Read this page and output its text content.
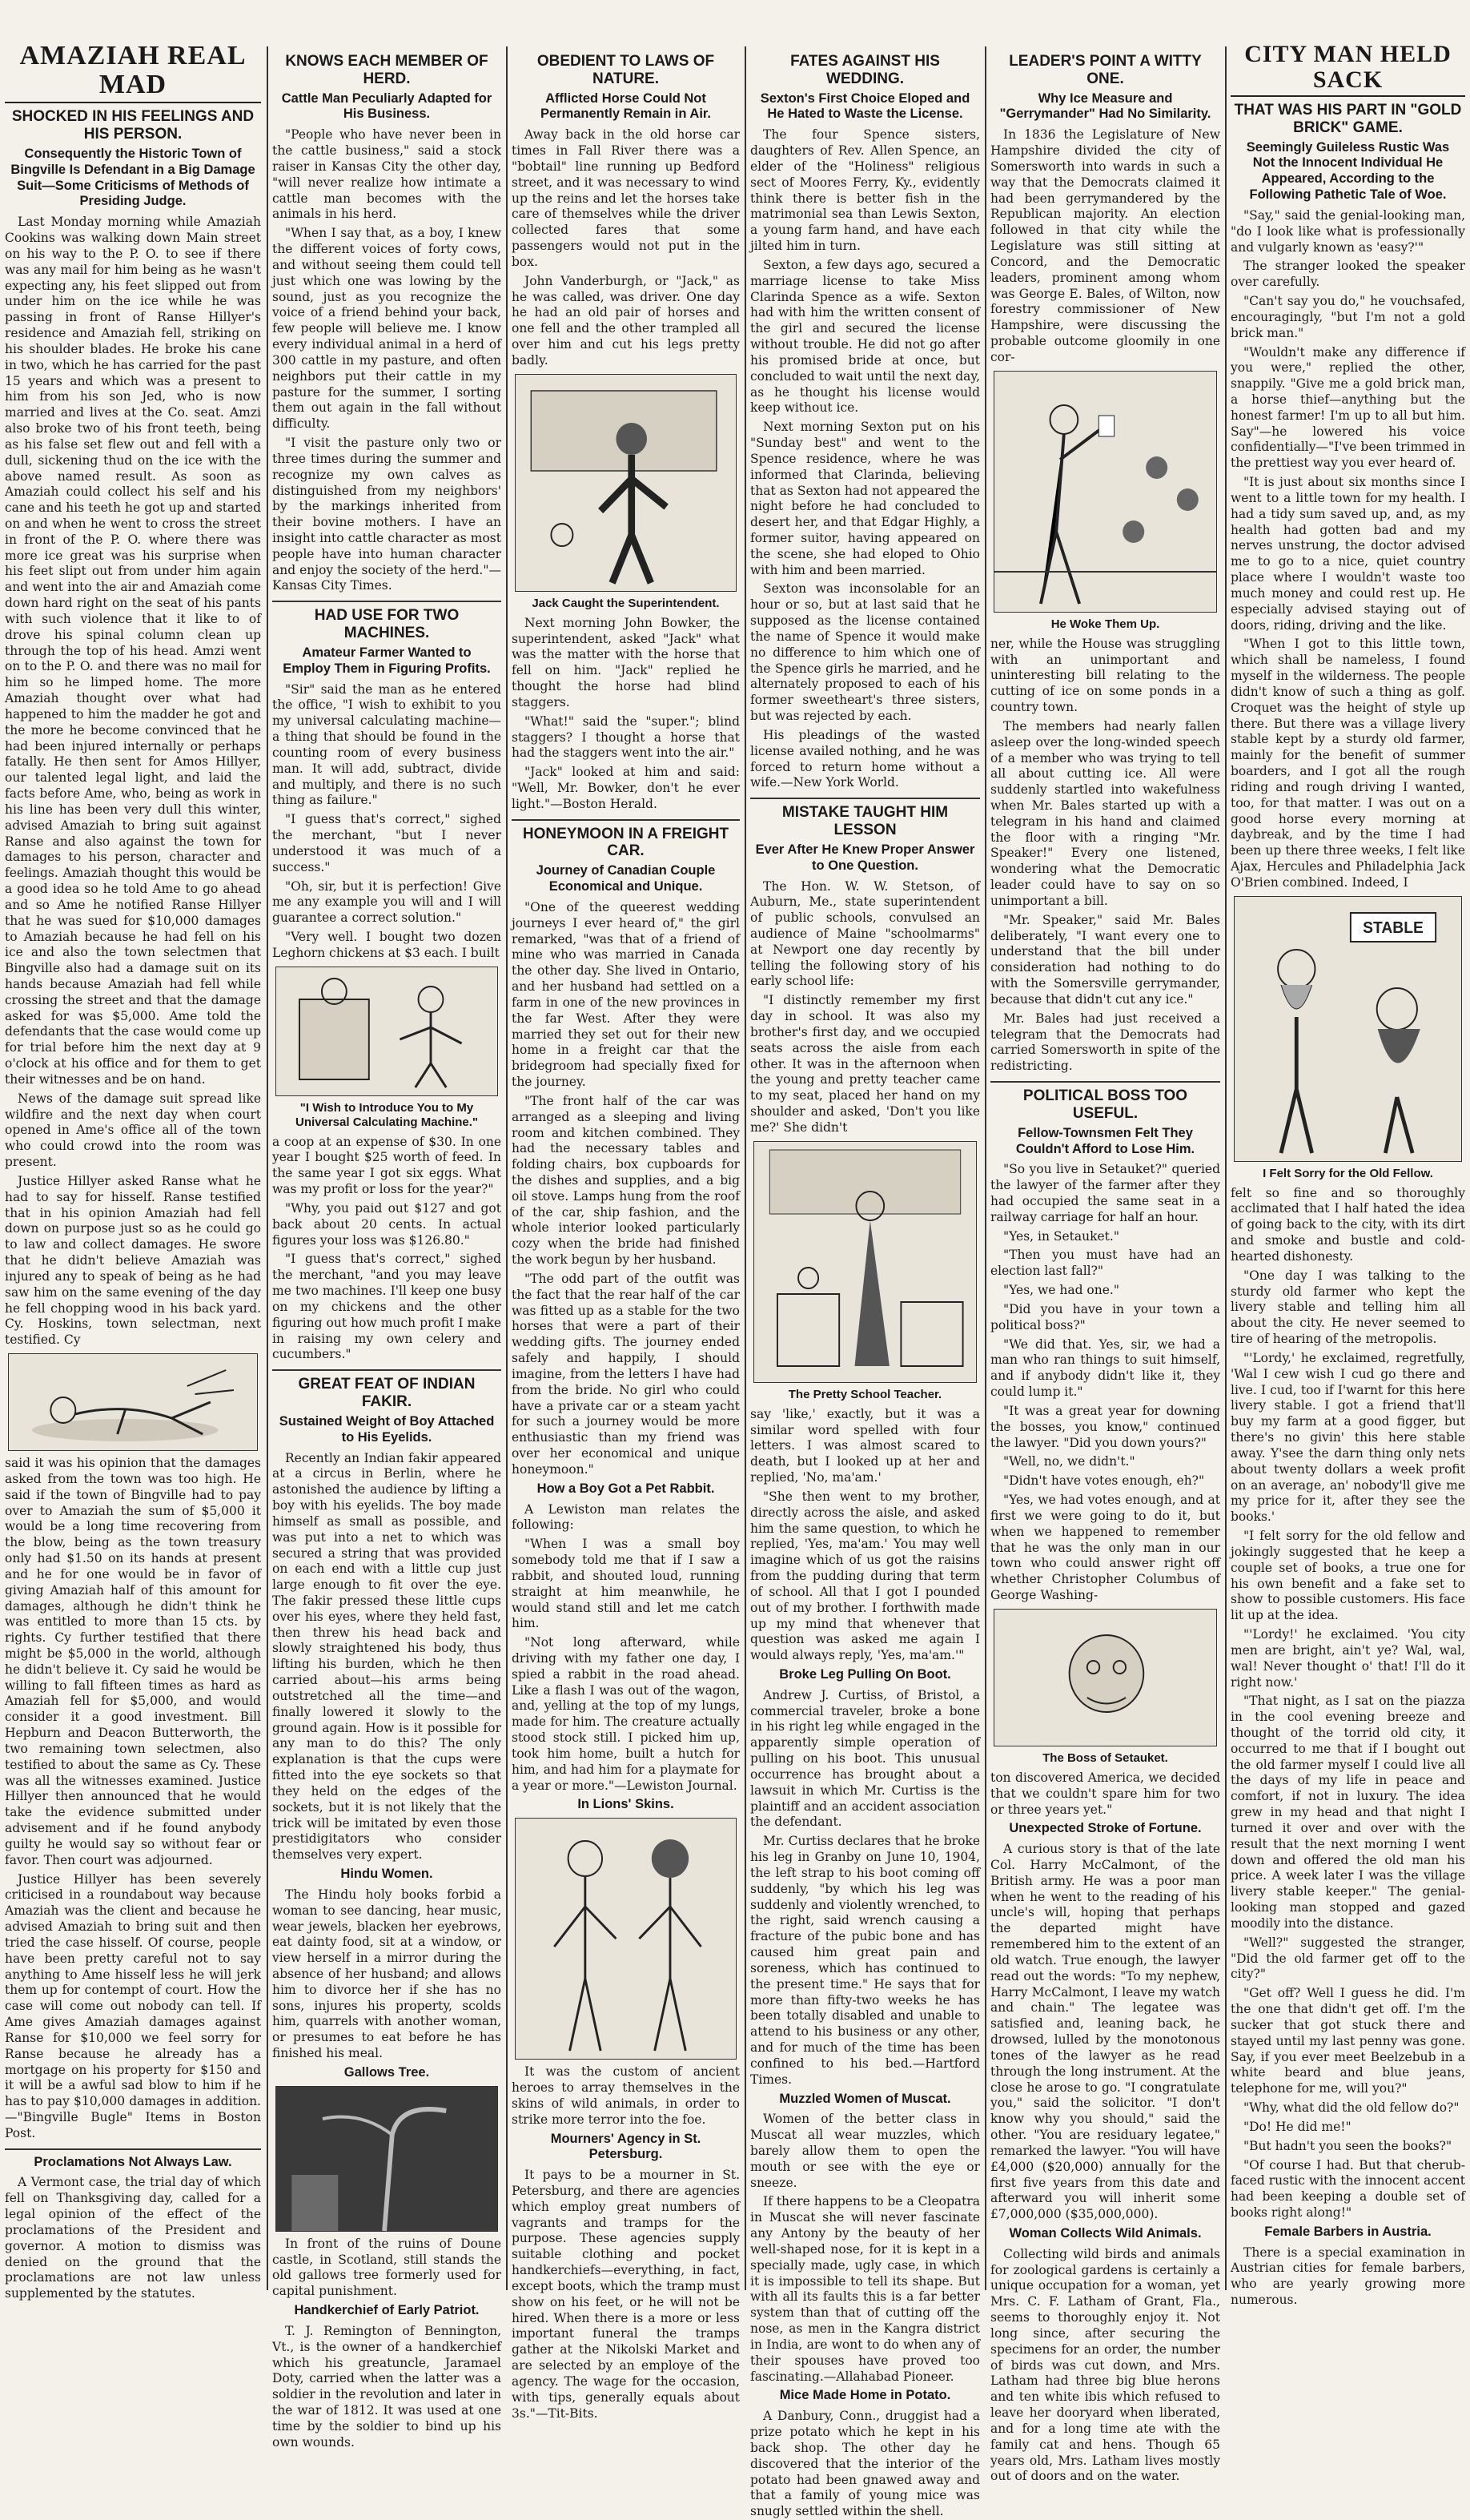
AMAZIAH REAL MAD
SHOCKED IN HIS FEELINGS AND HIS PERSON.
Consequently the Historic Town of Bingville Is Defendant in a Big Damage Suit—Some Criticisms of Methods of Presiding Judge.

Last Monday morning while Amaziah Cookins was walking down Main street on his way to the P. O. to see if there was any mail for him being as he wasn't expecting any, his feet slipped out from under him on the ice while he was passing in front of Ranse Hillyer's residence and Amaziah fell, striking on his shoulder blades. He broke his cane in two, which he has carried for the past 15 years and which was a present to him from his son Jed, who is now married and lives at the Co. seat. Amzi also broke two of his front teeth, being as his false set flew out and fell with a dull, sickening thud on the ice with the above named result. As soon as Amaziah could collect his self and his cane and his teeth he got up and started on and when he went to cross the street in front of the P. O. where there was more ice great was his surprise when his feet slipt out from under him again and went into the air and Amaziah come down hard right on the seat of his pants with such violence that it like to of drove his spinal column clean up through the top of his head. Amzi went on to the P. O. and there was no mail for him so he limped home. The more Amaziah thought over what had happened to him the madder he got and the more he become convinced that he had been injured internally or perhaps fatally. He then sent for Amos Hillyer, our talented legal light, and laid the facts before Ame, who, being as work in his line has been very dull this winter, advised Amaziah to bring suit against Ranse and also against the town for damages to his person, character and feelings. Amaziah thought this would be a good idea so he told Ame to go ahead and so Ame he notified Ranse Hillyer that he was sued for $10,000 damages to Amaziah because he had fell on his ice and also the town selectmen that Bingville also had a damage suit on its hands because Amaziah had fell while crossing the street and that the damage asked for was $5,000. Ame told the defendants that the case would come up for trial before him the next day at 9 o'clock at his office and for them to get their witnesses and be on hand.

News of the damage suit spread like wildfire and the next day when court opened in Ame's office all of the town who could crowd into the room was present.

Justice Hillyer asked Ranse what he had to say for hisself. Ranse testified that in his opinion Amaziah had fell down on purpose just so as he could go to law and collect damages. He swore that he didn't believe Amaziah was injured any to speak of being as he had saw him on the same evening of the day he fell chopping wood in his back yard. Cy. Hoskins, town selectman, next testified. Cy

said it was his opinion that the damages asked from the town was too high. He said if the town of Bingville had to pay over to Amaziah the sum of $5,000 it would be a long time recovering from the blow, being as the town treasury only had $1.50 on its hands at present and he for one would be in favor of giving Amaziah half of this amount for damages, although he didn't think he was entitled to more than 15 cts. by rights. Cy further testified that there might be $5,000 in the world, although he didn't believe it. Cy said he would be willing to fall fifteen times as hard as Amaziah fell for $5,000, and would consider it a good investment. Bill Hepburn and Deacon Butterworth, the two remaining town selectmen, also testified to about the same as Cy. These was all the witnesses examined. Justice Hillyer then announced that he would take the evidence submitted under advisement and if he found anybody guilty he would say so without fear or favor. Then court was adjourned.

Justice Hillyer has been severely criticised in a roundabout way because Amaziah was the client and because he advised Amaziah to bring suit and then tried the case hisself. Of course, people have been pretty careful not to say anything to Ame hisself less he will jerk them up for contempt of court. How the case will come out nobody can tell. If Ame gives Amaziah damages against Ranse for $10,000 we feel sorry for Ranse because he already has a mortgage on his property for $150 and it will be a awful sad blow to him if he has to pay $10,000 damages in addition.—"Bingville Bugle" Items in Boston Post.

Proclamations Not Always Law.

A Vermont case, the trial day of which fell on Thanksgiving day, called for a legal opinion of the effect of the proclamations of the President and governor. A motion to dismiss was denied on the ground that the proclamations are not law unless supplemented by the statutes.

KNOWS EACH MEMBER OF HERD.
Cattle Man Peculiarly Adapted for His Business.

"People who have never been in the cattle business," said a stock raiser in Kansas City the other day, "will never realize how intimate a cattle man becomes with the animals in his herd.

"When I say that, as a boy, I knew the different voices of forty cows, and without seeing them could tell just which one was lowing by the sound, just as you recognize the voice of a friend behind your back, few people will believe me. I know every individual animal in a herd of 300 cattle in my pasture, and often neighbors put their cattle in my pasture for the summer, I sorting them out again in the fall without difficulty.

"I visit the pasture only two or three times during the summer and recognize my own calves as distinguished from my neighbors' by the markings inherited from their bovine mothers. I have an insight into cattle character as most people have into human character and enjoy the society of the herd."—Kansas City Times.

HAD USE FOR TWO MACHINES.
Amateur Farmer Wanted to Employ Them in Figuring Profits.

"Sir" said the man as he entered the office, "I wish to exhibit to you my universal calculating machine—a thing that should be found in the counting room of every business man. It will add, subtract, divide and multiply, and there is no such thing as failure."

"I guess that's correct," sighed the merchant, "but I never understood it was much of a success."

"Oh, sir, but it is perfection! Give me any example you will and I will guarantee a correct solution."

"Very well. I bought two dozen Leghorn chickens at $3 each. I built

"I Wish to Introduce You to My Universal Calculating Machine."

a coop at an expense of $30. In one year I bought $25 worth of feed. In the same year I got six eggs. What was my profit or loss for the year?"

"Why, you paid out $127 and got back about 20 cents. In actual figures your loss was $126.80."

"I guess that's correct," sighed the merchant, "and you may leave me two machines. I'll keep one busy on my chickens and the other figuring out how much profit I make in raising my own celery and cucumbers."

GREAT FEAT OF INDIAN FAKIR.
Sustained Weight of Boy Attached to His Eyelids.

Recently an Indian fakir appeared at a circus in Berlin, where he astonished the audience by lifting a boy with his eyelids. The boy made himself as small as possible, and was put into a net to which was secured a string that was provided on each end with a little cup just large enough to fit over the eye. The fakir pressed these little cups over his eyes, where they held fast, then threw his head back and slowly straightened his body, thus lifting his burden, which he then carried about—his arms being outstretched all the time—and finally lowered it slowly to the ground again. How is it possible for any man to do this? The only explanation is that the cups were fitted into the eye sockets so that they held on the edges of the sockets, but it is not likely that the trick will be imitated by even those prestidigitators who consider themselves very expert.

Hindu Women.

The Hindu holy books forbid a woman to see dancing, hear music, wear jewels, blacken her eyebrows, eat dainty food, sit at a window, or view herself in a mirror during the absence of her husband; and allows him to divorce her if she has no sons, injures his property, scolds him, quarrels with another woman, or presumes to eat before he has finished his meal.

Gallows Tree.

In front of the ruins of Doune castle, in Scotland, still stands the old gallows tree formerly used for capital punishment.

Handkerchief of Early Patriot.

T. J. Remington of Bennington, Vt., is the owner of a handkerchief which his greatuncle, Jaramael Doty, carried when the latter was a soldier in the revolution and later in the war of 1812. It was used at one time by the soldier to bind up his own wounds.

OBEDIENT TO LAWS OF NATURE.
Afflicted Horse Could Not Permanently Remain in Air.

Away back in the old horse car times in Fall River there was a "bobtail" line running up Bedford street, and it was necessary to wind up the reins and let the horses take care of themselves while the driver collected fares that some passengers would not put in the box.

John Vanderburgh, or "Jack," as he was called, was driver. One day he had an old pair of horses and one fell and the other trampled all over him and cut his legs pretty badly.

Jack Caught the Superintendent.

Next morning John Bowker, the superintendent, asked "Jack" what was the matter with the horse that fell on him. "Jack" replied he thought the horse had blind staggers.

"What!" said the "super."; blind staggers? I thought a horse that had the staggers went into the air."

"Jack" looked at him and said: "Well, Mr. Bowker, don't he ever light."—Boston Herald.

HONEYMOON IN A FREIGHT CAR.
Journey of Canadian Couple Economical and Unique.

"One of the queerest wedding journeys I ever heard of," the girl remarked, "was that of a friend of mine who was married in Canada the other day. She lived in Ontario, and her husband had settled on a farm in one of the new provinces in the far West. After they were married they set out for their new home in a freight car that the bridegroom had specially fixed for the journey.

"The front half of the car was arranged as a sleeping and living room and kitchen combined. They had the necessary tables and folding chairs, box cupboards for the dishes and supplies, and a big oil stove. Lamps hung from the roof of the car, ship fashion, and the whole interior looked particularly cozy when the bride had finished the work begun by her husband.

"The odd part of the outfit was the fact that the rear half of the car was fitted up as a stable for the two horses that were a part of their wedding gifts. The journey ended safely and happily, I should imagine, from the letters I have had from the bride. No girl who could have a private car or a steam yacht for such a journey would be more enthusiastic than my friend was over her economical and unique honeymoon."

How a Boy Got a Pet Rabbit.

A Lewiston man relates the following:

"When I was a small boy somebody told me that if I saw a rabbit, and shouted loud, running straight at him meanwhile, he would stand still and let me catch him.

"Not long afterward, while driving with my father one day, I spied a rabbit in the road ahead. Like a flash I was out of the wagon, and, yelling at the top of my lungs, made for him. The creature actually stood stock still. I picked him up, took him home, built a hutch for him, and had him for a playmate for a year or more."—Lewiston Journal.

In Lions' Skins.

It was the custom of ancient heroes to array themselves in the skins of wild animals, in order to strike more terror into the foe.

Mourners' Agency in St. Petersburg.

It pays to be a mourner in St. Petersburg, and there are agencies which employ great numbers of vagrants and tramps for the purpose. These agencies supply suitable clothing and pocket handkerchiefs—everything, in fact, except boots, which the tramp must show on his feet, or he will not be hired. When there is a more or less important funeral the tramps gather at the Nikolski Market and are selected by an employe of the agency. The wage for the occasion, with tips, generally equals about 3s."—Tit-Bits.

FATES AGAINST HIS WEDDING.
Sexton's First Choice Eloped and He Hated to Waste the License.

The four Spence sisters, daughters of Rev. Allen Spence, an elder of the "Holiness" religious sect of Moores Ferry, Ky., evidently think there is better fish in the matrimonial sea than Lewis Sexton, a young farm hand, and have each jilted him in turn.

Sexton, a few days ago, secured a marriage license to take Miss Clarinda Spence as a wife. Sexton had with him the written consent of the girl and secured the license without trouble. He did not go after his promised bride at once, but concluded to wait until the next day, as he thought his license would keep without ice.

Next morning Sexton put on his "Sunday best" and went to the Spence residence, where he was informed that Clarinda, believing that as Sexton had not appeared the night before he had concluded to desert her, and that Edgar Highly, a former suitor, having appeared on the scene, she had eloped to Ohio with him and been married.

Sexton was inconsolable for an hour or so, but at last said that he supposed as the license contained the name of Spence it would make no difference to him which one of the Spence girls he married, and he alternately proposed to each of his former sweetheart's three sisters, but was rejected by each.

His pleadings of the wasted license availed nothing, and he was forced to return home without a wife.—New York World.

MISTAKE TAUGHT HIM LESSON
Ever After He Knew Proper Answer to One Question.

The Hon. W. W. Stetson, of Auburn, Me., state superintendent of public schools, convulsed an audience of Maine "schoolmarms" at Newport one day recently by telling the following story of his early school life:

"I distinctly remember my first day in school. It was also my brother's first day, and we occupied seats across the aisle from each other. It was in the afternoon when the young and pretty teacher came to my seat, placed her hand on my shoulder and asked, 'Don't you like me?' She didn't

The Pretty School Teacher.

say 'like,' exactly, but it was a similar word spelled with four letters. I was almost scared to death, but I looked up at her and replied, 'No, ma'am.'

"She then went to my brother, directly across the aisle, and asked him the same question, to which he replied, 'Yes, ma'am.' You may well imagine which of us got the raisins from the pudding during that term of school. All that I got I pounded out of my brother. I forthwith made up my mind that whenever that question was asked me again I would always reply, 'Yes, ma'am.'"

Broke Leg Pulling On Boot.

Andrew J. Curtiss, of Bristol, a commercial traveler, broke a bone in his right leg while engaged in the apparently simple operation of pulling on his boot. This unusual occurrence has brought about a lawsuit in which Mr. Curtiss is the plaintiff and an accident association the defendant.

Mr. Curtiss declares that he broke his leg in Granby on June 10, 1904, the left strap to his boot coming off suddenly, "by which his leg was suddenly and violently wrenched, to the right, said wrench causing a fracture of the pubic bone and has caused him great pain and soreness, which has continued to the present time." He says that for more than fifty-two weeks he has been totally disabled and unable to attend to his business or any other, and for much of the time has been confined to his bed.—Hartford Times.

Muzzled Women of Muscat.

Women of the better class in Muscat all wear muzzles, which barely allow them to open the mouth or see with the eye or sneeze.

If there happens to be a Cleopatra in Muscat she will never fascinate any Antony by the beauty of her well-shaped nose, for it is kept in a specially made, ugly case, in which it is impossible to tell its shape. But with all its faults this is a far better system than that of cutting off the nose, as men in the Kangra district in India, are wont to do when any of their spouses have proved too fascinating.—Allahabad Pioneer.

Mice Made Home in Potato.

A Danbury, Conn., druggist had a prize potato which he kept in his back shop. The other day he discovered that the interior of the potato had been gnawed away and that a family of young mice was snugly settled within the shell.

LEADER'S POINT A WITTY ONE.
Why Ice Measure and "Gerrymander" Had No Similarity.

In 1836 the Legislature of New Hampshire divided the city of Somersworth into wards in such a way that the Democrats claimed it had been gerrymandered by the Republican majority. An election followed in that city while the Legislature was still sitting at Concord, and the Democratic leaders, prominent among whom was George E. Bales, of Wilton, now forestry commissioner of New Hampshire, were discussing the probable outcome gloomily in one cor-

He Woke Them Up.

ner, while the House was struggling with an unimportant and uninteresting bill relating to the cutting of ice on some ponds in a country town.

The members had nearly fallen asleep over the long-winded speech of a member who was trying to tell all about cutting ice. All were suddenly startled into wakefulness when Mr. Bales started up with a telegram in his hand and claimed the floor with a ringing "Mr. Speaker!" Every one listened, wondering what the Democratic leader could have to say on so unimportant a bill.

"Mr. Speaker," said Mr. Bales deliberately, "I want every one to understand that the bill under consideration had nothing to do with the Somersville gerrymander, because that didn't cut any ice."

Mr. Bales had just received a telegram that the Democrats had carried Somersworth in spite of the redistricting.

POLITICAL BOSS TOO USEFUL.
Fellow-Townsmen Felt They Couldn't Afford to Lose Him.

"So you live in Setauket?" queried the lawyer of the farmer after they had occupied the same seat in a railway carriage for half an hour.

"Yes, in Setauket."

"Then you must have had an election last fall?"

"Yes, we had one."

"Did you have in your town a political boss?"

"We did that. Yes, sir, we had a man who ran things to suit himself, and if anybody didn't like it, they could lump it."

"It was a great year for downing the bosses, you know," continued the lawyer. "Did you down yours?"

"Well, no, we didn't."

"Didn't have votes enough, eh?"

"Yes, we had votes enough, and at first we were going to do it, but when we happened to remember that he was the only man in our town who could answer right off whether Christopher Columbus of George Washing-

The Boss of Setauket.

ton discovered America, we decided that we couldn't spare him for two or three years yet."

Unexpected Stroke of Fortune.

A curious story is that of the late Col. Harry McCalmont, of the British army. He was a poor man when he went to the reading of his uncle's will, hoping that perhaps the departed might have remembered him to the extent of an old watch. True enough, the lawyer read out the words: "To my nephew, Harry McCalmont, I leave my watch and chain." The legatee was satisfied and, leaning back, he drowsed, lulled by the monotonous tones of the lawyer as he read through the long instrument. At the close he arose to go. "I congratulate you," said the solicitor. "I don't know why you should," said the other. "You are residuary legatee," remarked the lawyer. "You will have £4,000 ($20,000) annually for the first five years from this date and afterward you will inherit some £7,000,000 ($35,000,000).

Woman Collects Wild Animals.

Collecting wild birds and animals for zoological gardens is certainly a unique occupation for a woman, yet Mrs. C. F. Latham of Grant, Fla., seems to thoroughly enjoy it. Not long since, after securing the specimens for an order, the number of birds was cut down, and Mrs. Latham had three big blue herons and ten white ibis which refused to leave her dooryard when liberated, and for a long time ate with the family cat and hens. Though 65 years old, Mrs. Latham lives mostly out of doors and on the water.

CITY MAN HELD SACK
THAT WAS HIS PART IN "GOLD BRICK" GAME.
Seemingly Guileless Rustic Was Not the Innocent Individual He Appeared, According to the Following Pathetic Tale of Woe.

"Say," said the genial-looking man, "do I look like what is professionally and vulgarly known as 'easy?'"

The stranger looked the speaker over carefully.

"Can't say you do," he vouchsafed, encouragingly, "but I'm not a gold brick man."

"Wouldn't make any difference if you were," replied the other, snappily. "Give me a gold brick man, a horse thief—anything but the honest farmer! I'm up to all but him. Say"—he lowered his voice confidentially—"I've been trimmed in the prettiest way you ever heard of.

"It is just about six months since I went to a little town for my health. I had a tidy sum saved up, and, as my health had gotten bad and my nerves unstrung, the doctor advised me to go to a nice, quiet country place where I wouldn't waste too much money and could rest up. He especially advised staying out of doors, riding, driving and the like.

"When I got to this little town, which shall be nameless, I found myself in the wilderness. The people didn't know of such a thing as golf. Croquet was the height of style up there. But there was a village livery stable kept by a sturdy old farmer, mainly for the benefit of summer boarders, and I got all the rough riding and rough driving I wanted, too, for that matter. I was out on a good horse every morning at daybreak, and by the time I had been up there three weeks, I felt like Ajax, Hercules and Philadelphia Jack O'Brien combined. Indeed, I

STABLE
I Felt Sorry for the Old Fellow.

felt so fine and so thoroughly acclimated that I half hated the idea of going back to the city, with its dirt and smoke and bustle and cold-hearted dishonesty.

"One day I was talking to the sturdy old farmer who kept the livery stable and telling him all about the city. He never seemed to tire of hearing of the metropolis.

"'Lordy,' he exclaimed, regretfully, 'Wal I cew wish I cud go there and live. I cud, too if I'warnt for this here livery stable. I got a friend that'll buy my farm at a good figger, but there's no givin' this here stable away. Y'see the darn thing only nets about twenty dollars a week profit on an average, an' nobody'll give me my price for it, after they see the books.'

"I felt sorry for the old fellow and jokingly suggested that he keep a couple set of books, a true one for his own benefit and a fake set to show to possible customers. His face lit up at the idea.

"'Lordy!' he exclaimed. 'You city men are bright, ain't ye? Wal, wal, wal! Never thought o' that! I'll do it right now.'

"That night, as I sat on the piazza in the cool evening breeze and thought of the torrid old city, it occurred to me that if I bought out the old farmer myself I could live all the days of my life in peace and comfort, if not in luxury. The idea grew in my head and that night I turned it over and over with the result that the next morning I went down and offered the old man his price. A week later I was the village livery stable keeper." The genial-looking man stopped and gazed moodily into the distance.

"Well?" suggested the stranger, "Did the old farmer get off to the city?"

"Get off? Well I guess he did. I'm the one that didn't get off. I'm the sucker that got stuck there and stayed until my last penny was gone. Say, if you ever meet Beelzebub in a white beard and blue jeans, telephone for me, will you?"

"Why, what did the old fellow do?"

"Do! He did me!"

"But hadn't you seen the books?"

"Of course I had. But that cherub-faced rustic with the innocent accent had been keeping a double set of books right along!"

Female Barbers in Austria.

There is a special examination in Austrian cities for female barbers, who are yearly growing more numerous.
